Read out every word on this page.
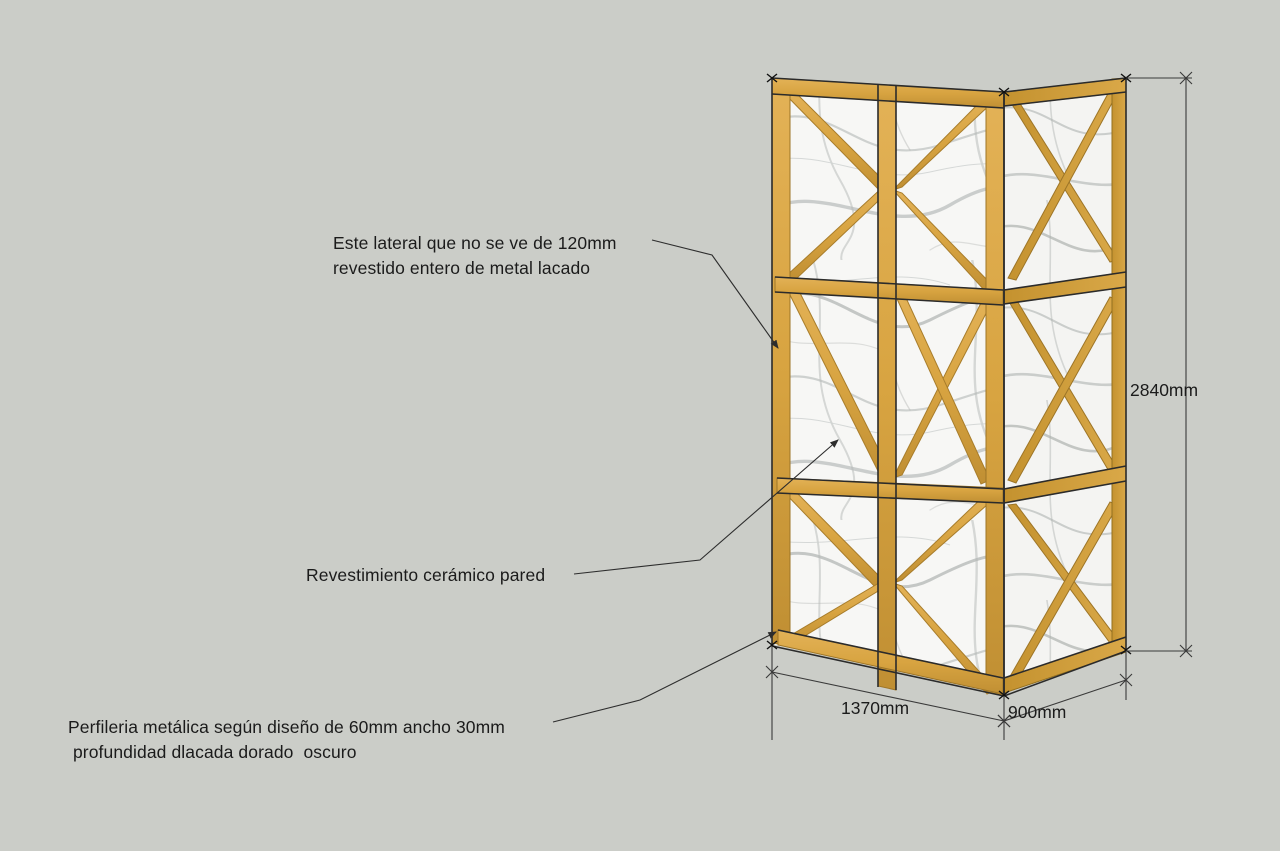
Este lateral que no se ve de 120mm
revestido entero de metal lacado
Revestimiento cerámico pared
Perfileria metálica según diseño de 60mm ancho 30mm
profundidad dlacada dorado  oscuro
2840mm
1370mm	900mm
